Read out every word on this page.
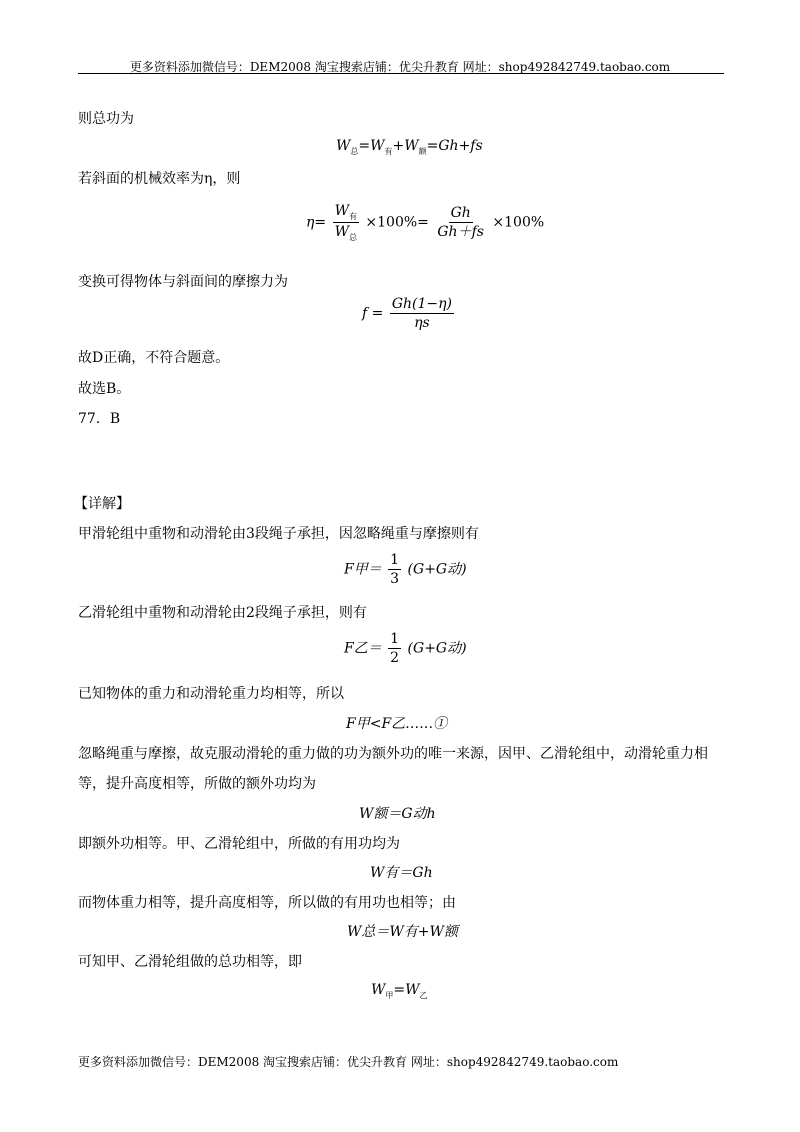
更多资料添加微信号：DEM2008 淘宝搜索店铺：优尖升教育 网址：shop492842749.taobao.com
则总功为
$W_总=W_有+W_额=Gh+fs$
若斜面的机械效率为η，则
$\eta= \frac{W_有}{W_总} \times 100\%= \frac{Gh}{Gh+fs} \times 100\%$
变换可得物体与斜面间的摩擦力为
$f = \frac{Gh(1-\eta)}{\eta s}$
故D正确，不符合题意。
故选B。
77．B
【详解】
甲滑轮组中重物和动滑轮由3段绳子承担，因忽略绳重与摩擦则有
F甲＝ $\frac{1}{3} (G+G$动)
乙滑轮组中重物和动滑轮由2段绳子承担，则有
F乙＝ $\frac{1}{2} (G+G$动)
已知物体的重力和动滑轮重力均相等，所以
F甲<F乙……①
忽略绳重与摩擦，故克服动滑轮的重力做的功为额外功的唯一来源，因甲、乙滑轮组中，动滑轮重力相
等，提升高度相等，所做的额外功均为
W额＝G动h
即额外功相等。甲、乙滑轮组中，所做的有用功均为
W有＝Gh
而物体重力相等，提升高度相等，所以做的有用功也相等；由
W总＝W有+W额
可知甲、乙滑轮组做的总功相等，即
$W_甲=W_乙$
更多资料添加微信号：DEM2008 淘宝搜索店铺：优尖升教育 网址：shop492842749.taobao.com
